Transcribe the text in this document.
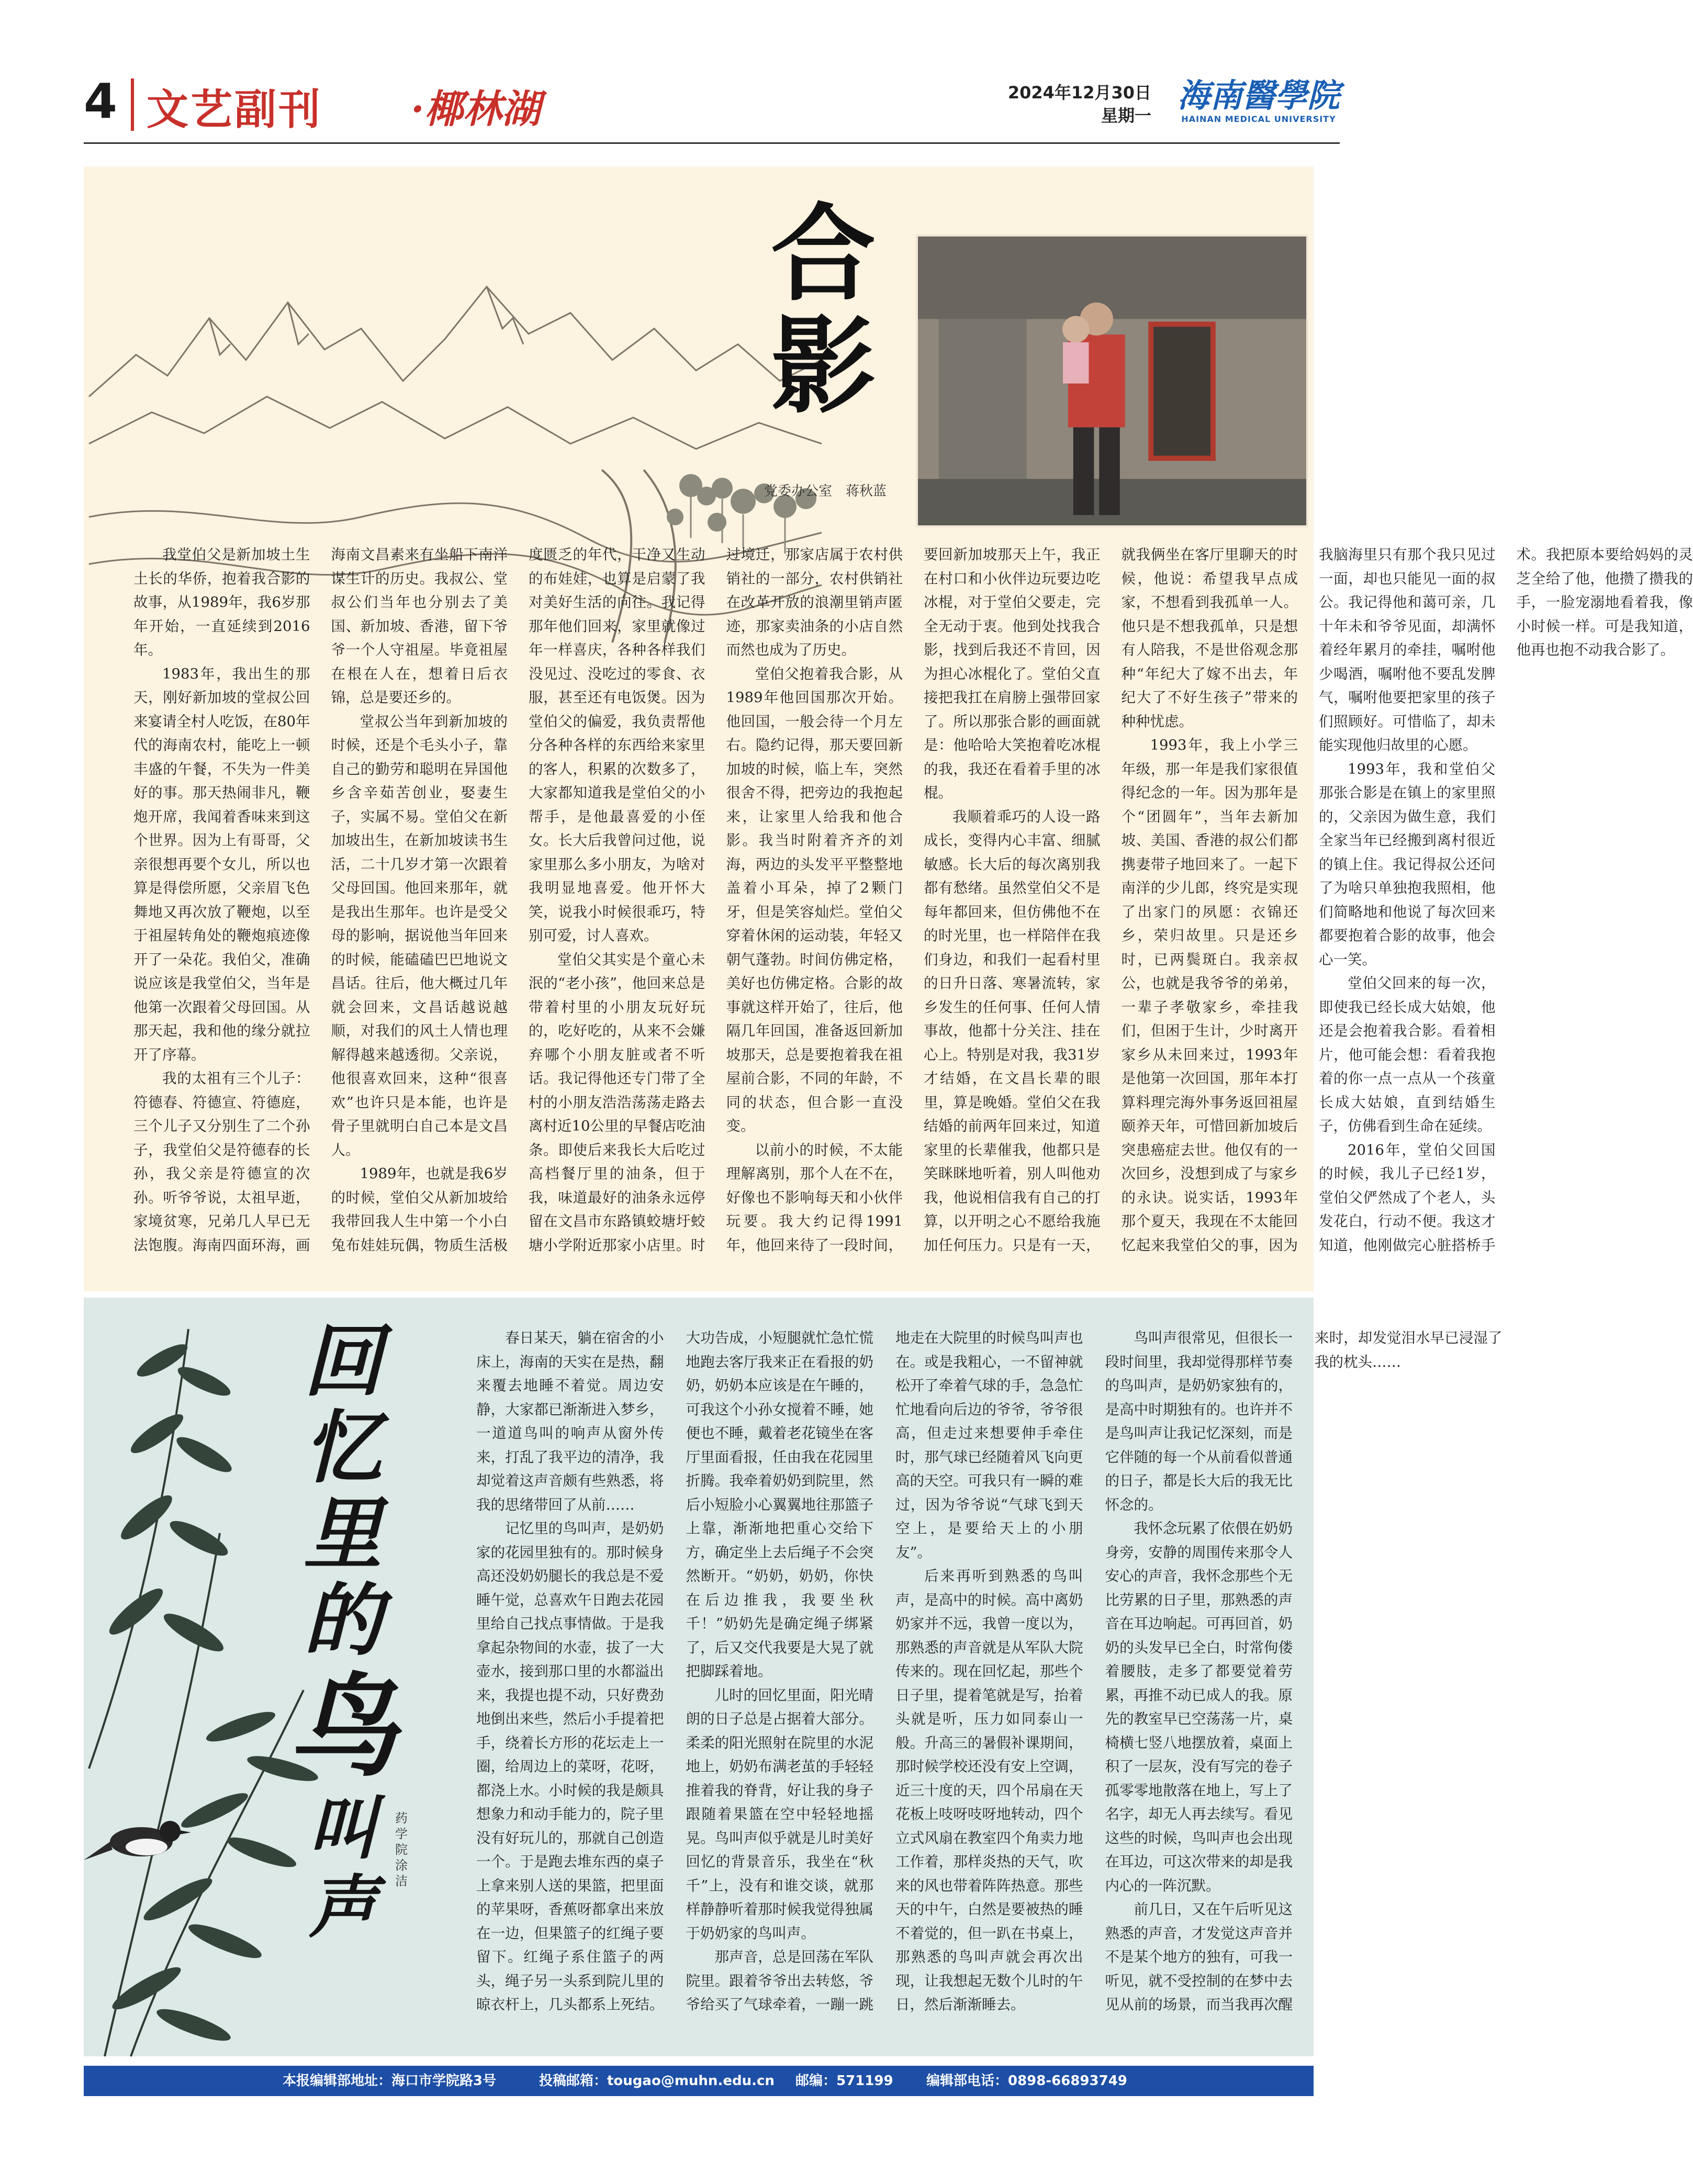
4 文艺副刊 ·椰林湖	2024年12月30日
星期一
海南醫學院
HAINAN MEDICAL UNIVERSITY
合影
党委办公室　蒋秋蓝

我堂伯父是新加坡土生土长的华侨，抱着我合影的故事，从1989年，我6岁那年开始，一直延续到2016年。

1983年，我出生的那天，刚好新加坡的堂叔公回来宴请全村人吃饭，在80年代的海南农村，能吃上一顿丰盛的午餐，不失为一件美好的事。那天热闹非凡，鞭炮开席，我闻着香味来到这个世界。因为上有哥哥，父亲很想再要个女儿，所以也算是得偿所愿，父亲眉飞色舞地又再次放了鞭炮，以至于祖屋转角处的鞭炮痕迹像开了一朵花。我伯父，准确说应该是我堂伯父，当年是他第一次跟着父母回国。从那天起，我和他的缘分就拉开了序幕。

我的太祖有三个儿子：符德春、符德宣、符德庭，三个儿子又分别生了二个孙子，我堂伯父是符德春的长孙，我父亲是符德宣的次孙。听爷爷说，太祖早逝，家境贫寒，兄弟几人早已无法饱腹。海南四面环海，画海南文昌素来有坐船下南洋谋生计的历史。我叔公、堂叔公们当年也分别去了美国、新加坡、香港，留下爷爷一个人守祖屋。毕竟祖屋在根在人在，想着日后衣锦，总是要还乡的。

堂叔公当年到新加坡的时候，还是个毛头小子，靠自己的勤劳和聪明在异国他乡含辛茹苦创业，娶妻生子，实属不易。堂伯父在新加坡出生，在新加坡读书生活，二十几岁才第一次跟着父母回国。他回来那年，就是我出生那年。也许是受父母的影响，据说他当年回来的时候，能磕磕巴巴地说文昌话。往后，他大概过几年就会回来，文昌话越说越顺，对我们的风土人情也理解得越来越透彻。父亲说，他很喜欢回来，这种“很喜欢”也许只是本能，也许是骨子里就明白自己本是文昌人。

1989年，也就是我6岁的时候，堂伯父从新加坡给我带回我人生中第一个小白兔布娃娃玩偶，物质生活极度匮乏的年代，干净又生动的布娃娃，也算是启蒙了我对美好生活的向往。我记得那年他们回来，家里就像过年一样喜庆，各种各样我们没见过、没吃过的零食、衣服，甚至还有电饭煲。因为堂伯父的偏爱，我负责帮他分各种各样的东西给来家里的客人，积累的次数多了，大家都知道我是堂伯父的小帮手，是他最喜爱的小侄女。长大后我曾问过他，说家里那么多小朋友，为啥对我明显地喜爱。他开怀大笑，说我小时候很乖巧，特别可爱，讨人喜欢。

堂伯父其实是个童心未泯的“老小孩”，他回来总是带着村里的小朋友玩好玩的，吃好吃的，从来不会嫌弃哪个小朋友脏或者不听话。我记得他还专门带了全村的小朋友浩浩荡荡走路去离村近10公里的早餐店吃油条。即使后来我长大后吃过高档餐厅里的油条，但于我，味道最好的油条永远停留在文昌市东路镇蛟塘圩蛟塘小学附近那家小店里。时过境迁，那家店属于农村供销社的一部分，农村供销社在改革开放的浪潮里销声匿迹，那家卖油条的小店自然而然也成为了历史。

堂伯父抱着我合影，从1989年他回国那次开始。他回国，一般会待一个月左右。隐约记得，那天要回新加坡的时候，临上车，突然很舍不得，把旁边的我抱起来，让家里人给我和他合影。我当时附着齐齐的刘海，两边的头发平平整整地盖着小耳朵，掉了2颗门牙，但是笑容灿烂。堂伯父穿着休闲的运动装，年轻又朝气蓬勃。时间仿佛定格，美好也仿佛定格。合影的故事就这样开始了，往后，他隔几年回国，准备返回新加坡那天，总是要抱着我在祖屋前合影，不同的年龄，不同的状态，但合影一直没变。

以前小的时候，不太能理解离别，那个人在不在，好像也不影响每天和小伙伴玩要。我大约记得1991年，他回来待了一段时间，要回新加坡那天上午，我正在村口和小伙伴边玩要边吃冰棍，对于堂伯父要走，完全无动于衷。他到处找我合影，找到后我还不肯回，因为担心冰棍化了。堂伯父直接把我扛在肩膀上强带回家了。所以那张合影的画面就是：他哈哈大笑抱着吃冰棍的我，我还在看着手里的冰棍。

我顺着乖巧的人设一路成长，变得内心丰富、细腻敏感。长大后的每次离别我都有愁绪。虽然堂伯父不是每年都回来，但仿佛他不在的时光里，也一样陪伴在我们身边，和我们一起看村里的日升日落、寒暑流转，家乡发生的任何事、任何人情事故，他都十分关注、挂在心上。特别是对我，我31岁才结婚，在文昌长辈的眼里，算是晚婚。堂伯父在我结婚的前两年回来过，知道家里的长辈催我，他都只是笑眯眯地听着，别人叫他劝我，他说相信我有自己的打算，以开明之心不愿给我施加任何压力。只是有一天，就我俩坐在客厅里聊天的时候，他说：希望我早点成家，不想看到我孤单一人。他只是不想我孤单，只是想有人陪我，不是世俗观念那种“年纪大了嫁不出去，年纪大了不好生孩子”带来的种种忧虑。

1993年，我上小学三年级，那一年是我们家很值得纪念的一年。因为那年是个“团圆年”，当年去新加坡、美国、香港的叔公们都携妻带子地回来了。一起下南洋的少儿郎，终究是实现了出家门的夙愿：衣锦还乡，荣归故里。只是还乡时，已两鬓斑白。我亲叔公，也就是我爷爷的弟弟，一辈子孝敬家乡，牵挂我们，但困于生计，少时离开家乡从未回来过，1993年是他第一次回国，那年本打算料理完海外事务返回祖屋颐养天年，可惜回新加坡后突患癌症去世。他仅有的一次回乡，没想到成了与家乡的永诀。说实话，1993年那个夏天，我现在不太能回忆起来我堂伯父的事，因为我脑海里只有那个我只见过一面，却也只能见一面的叔公。我记得他和蔼可亲，几十年未和爷爷见面，却满怀着经年累月的牵挂，嘱咐他少喝酒，嘱咐他不要乱发脾气，嘱咐他要把家里的孩子们照顾好。可惜临了，却未能实现他归故里的心愿。

1993年，我和堂伯父那张合影是在镇上的家里照的，父亲因为做生意，我们全家当年已经搬到离村很近的镇上住。我记得叔公还问了为啥只单独抱我照相，他们简略地和他说了每次回来都要抱着合影的故事，他会心一笑。

堂伯父回来的每一次，即使我已经长成大姑娘，他还是会抱着我合影。看着相片，他可能会想：看着我抱着的你一点一点从一个孩童长成大姑娘，直到结婚生子，仿佛看到生命在延续。

2016年，堂伯父回国的时候，我儿子已经1岁，堂伯父俨然成了个老人，头发花白，行动不便。我这才知道，他刚做完心脏搭桥手术。我把原本要给妈妈的灵芝全给了他，他攒了攒我的手，一脸宠溺地看着我，像小时候一样。可是我知道，他再也抱不动我合影了。

回
忆
里
的
鸟
叫
声
药学院　涂洁

春日某天，躺在宿舍的小床上，海南的天实在是热，翻来覆去地睡不着觉。周边安静，大家都已渐渐进入梦乡，一道道鸟叫的响声从窗外传来，打乱了我平边的清净，我却觉着这声音颇有些熟悉，将我的思绪带回了从前……

记忆里的鸟叫声，是奶奶家的花园里独有的。那时候身高还没奶奶腿长的我总是不爱睡午觉，总喜欢午日跑去花园里给自己找点事情做。于是我拿起杂物间的水壶，拔了一大壶水，接到那口里的水都溢出来，我提也提不动，只好费劲地倒出来些，然后小手提着把手，绕着长方形的花坛走上一圈，给周边上的菜呀，花呀，都浇上水。小时候的我是颇具想象力和动手能力的，院子里没有好玩儿的，那就自己创造一个。于是跑去堆东西的桌子上拿来别人送的果篮，把里面的苹果呀，香蕉呀都拿出来放在一边，但果篮子的红绳子要留下。红绳子系住篮子的两头，绳子另一头系到院儿里的晾衣杆上，几头都系上死结。大功告成，小短腿就忙急忙慌地跑去客厅我来正在看报的奶奶，奶奶本应该是在午睡的，可我这个小孙女搅着不睡，她便也不睡，戴着老花镜坐在客厅里面看报，任由我在花园里折腾。我牵着奶奶到院里，然后小短脸小心翼翼地往那篮子上靠，渐渐地把重心交给下方，确定坐上去后绳子不会突然断开。“奶奶，奶奶，你快在后边推我，我要坐秋千！”奶奶先是确定绳子绑紧了，后又交代我要是大晃了就把脚踩着地。

儿时的回忆里面，阳光晴朗的日子总是占据着大部分。柔柔的阳光照射在院里的水泥地上，奶奶布满老茧的手轻轻推着我的脊背，好让我的身子跟随着果篮在空中轻轻地摇晃。鸟叫声似乎就是儿时美好回忆的背景音乐，我坐在“秋千”上，没有和谁交谈，就那样静静听着那时候我觉得独属于奶奶家的鸟叫声。

那声音，总是回荡在军队院里。跟着爷爷出去转悠，爷爷给买了气球牵着，一蹦一跳地走在大院里的时候鸟叫声也在。或是我粗心，一不留神就松开了牵着气球的手，急急忙忙地看向后边的爷爷，爷爷很高，但走过来想要伸手牵住时，那气球已经随着风飞向更高的天空。可我只有一瞬的难过，因为爷爷说“气球飞到天空上，是要给天上的小朋友”。

后来再听到熟悉的鸟叫声，是高中的时候。高中离奶奶家并不远，我曾一度以为，那熟悉的声音就是从军队大院传来的。现在回忆起，那些个日子里，提着笔就是写，抬着头就是听，压力如同泰山一般。升高三的暑假补课期间，那时候学校还没有安上空调，近三十度的天，四个吊扇在天花板上吱呀吱呀地转动，四个立式风扇在教室四个角卖力地工作着，那样炎热的天气，吹来的风也带着阵阵热意。那些天的中午，白然是要被热的睡不着觉的，但一趴在书桌上，那熟悉的鸟叫声就会再次出现，让我想起无数个儿时的午日，然后渐渐睡去。

鸟叫声很常见，但很长一段时间里，我却觉得那样节奏的鸟叫声，是奶奶家独有的，是高中时期独有的。也许并不是鸟叫声让我记忆深刻，而是它伴随的每一个从前看似普通的日子，都是长大后的我无比怀念的。

我怀念玩累了依偎在奶奶身旁，安静的周围传来那令人安心的声音，我怀念那些个无比劳累的日子里，那熟悉的声音在耳边响起。可再回首，奶奶的头发早已全白，时常佝偻着腰肢，走多了都要觉着劳累，再推不动已成人的我。原先的教室早已空荡荡一片，桌椅横七竖八地摆放着，桌面上积了一层灰，没有写完的卷子孤零零地散落在地上，写上了名字，却无人再去续写。看见这些的时候，鸟叫声也会出现在耳边，可这次带来的却是我内心的一阵沉默。

前几日，又在午后听见这熟悉的声音，才发觉这声音并不是某个地方的独有，可我一听见，就不受控制的在梦中去见从前的场景，而当我再次醒来时，却发觉泪水早已浸湿了我的枕头……

本报编辑部地址：海口市学院路3号	投稿邮箱：tougao@muhn.edu.cn 邮编：571199 编辑部电话：0898-66893749
